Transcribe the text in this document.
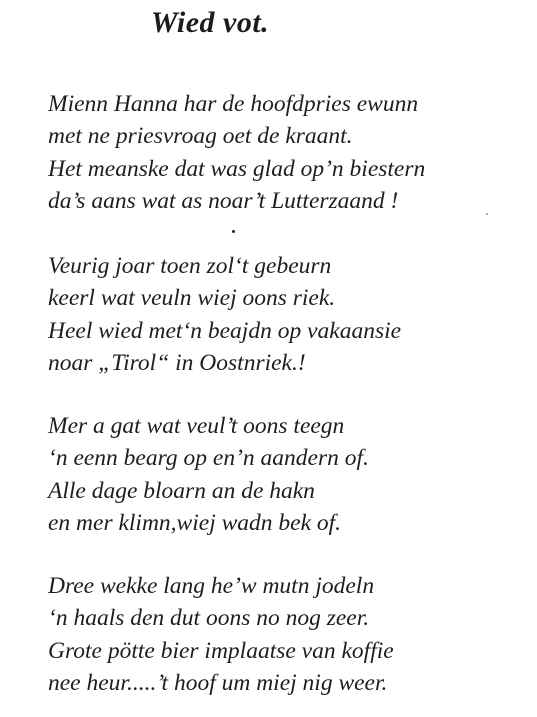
Wied vot.
Mienn Hanna har de hoofdpries ewunn
met ne priesvroag oet de kraant.
Het meanske dat was glad op’n biestern
da’s aans wat as noar’t Lutterzaand !
Veurig joar toen zol‘t gebeurn
keerl wat veuln wiej oons riek.
Heel wied met‘n beajdn op vakaansie
noar „Tirol“ in Oostnriek.!
Mer a gat wat veul’t oons teegn
‘n eenn bearg op en’n aandern of.
Alle dage bloarn an de hakn
en mer klimn,wiej wadn bek of.
Dree wekke lang he’w mutn jodeln
‘n haals den dut oons no nog zeer.
Grote pötte bier implaatse van koffie
nee heur.....’t hoof um miej nig weer.
